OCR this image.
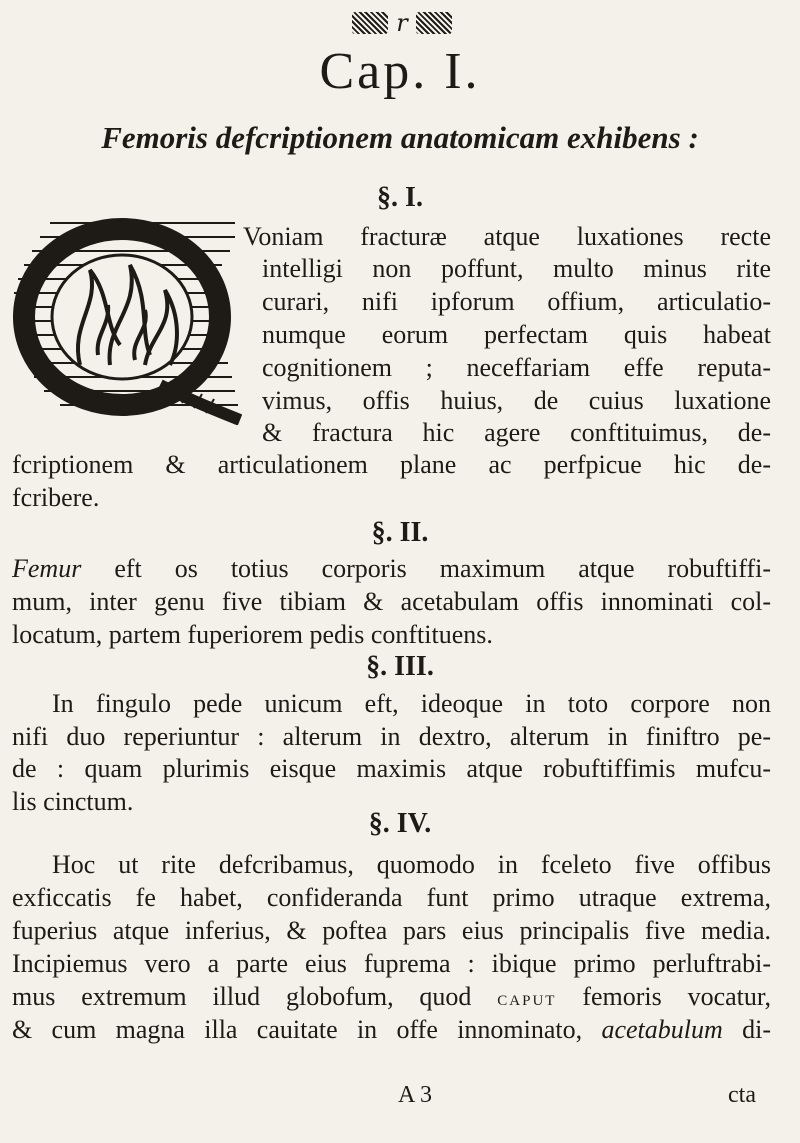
r
Cap. I.
Femoris defcriptionem anatomicam exhibens :
§. I.
Voniam fracturæ atque luxationes recte
intelligi non poffunt, multo minus rite
curari, nifi ipforum offium, articulatio-
numque eorum perfectam quis habeat
cognitionem ; neceffariam effe reputa-
vimus, offis huius, de cuius luxatione
& fractura hic agere conftituimus, de-
fcriptionem & articulationem plane ac perfpicue hic de-
fcribere.
§. II.
Femur eft os totius corporis maximum atque robuftiffi-
mum, inter genu five tibiam & acetabulam offis innominati col-
locatum, partem fuperiorem pedis conftituens.
§. III.
In fingulo pede unicum eft, ideoque in toto corpore non
nifi duo reperiuntur : alterum in dextro, alterum in finiftro pe-
de : quam plurimis eisque maximis atque robuftiffimis mufcu-
lis cinctum.
§. IV.
Hoc ut rite defcribamus, quomodo in fceleto five offibus
exficcatis fe habet, confideranda funt primo utraque extrema,
fuperius atque inferius, & poftea pars eius principalis five media.
Incipiemus vero a parte eius fuprema : ibique primo perluftrabi-
mus extremum illud globofum, quod caput femoris vocatur,
& cum magna illa cauitate in offe innominato, acetabulum di-
A 3	cta
